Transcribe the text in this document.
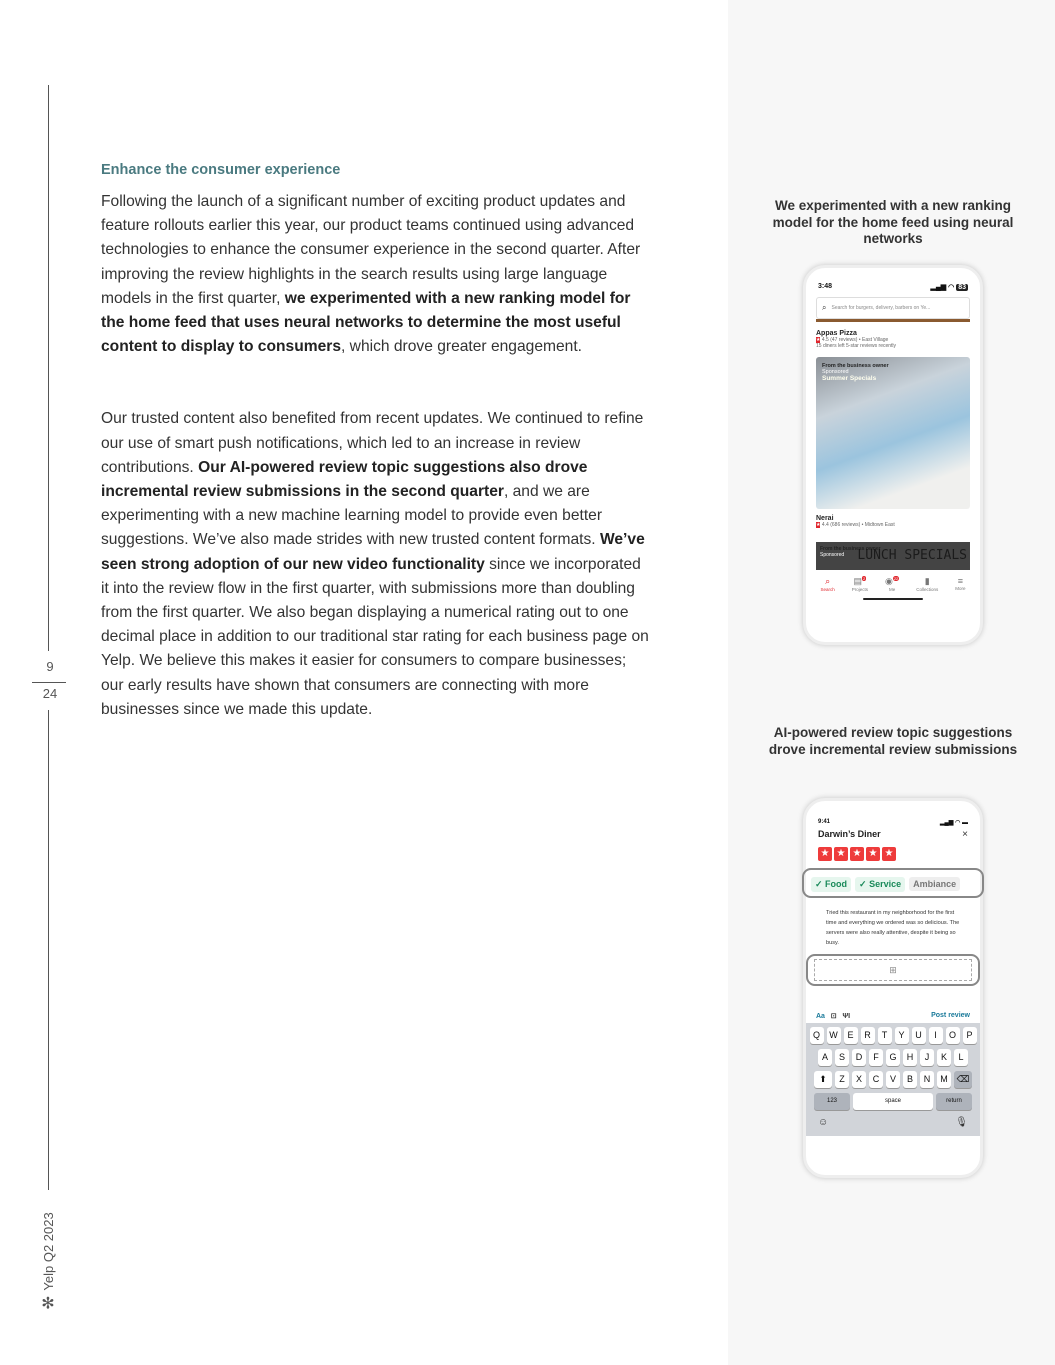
9
24
✻
Yelp Q2 2023
Enhance the consumer experience

Following the launch of a significant number of exciting product updates and feature rollouts earlier this year, our product teams continued using advanced technologies to enhance the consumer experience in the second quarter. After improving the review highlights in the search results using large language models in the first quarter, we experimented with a new ranking model for the home feed that uses neural networks to determine the most useful content to display to consumers, which drove greater engagement.

Our trusted content also benefited from recent updates. We continued to refine our use of smart push notifications, which led to an increase in review contributions. Our AI-powered review topic suggestions also drove incremental review submissions in the second quarter, and we are experimenting with a new machine learning model to provide even better suggestions. We’ve also made strides with new trusted content formats. We’ve seen strong adoption of our new video functionality since we incorporated it into the review flow in the first quarter, with submissions more than doubling from the first quarter. We also began displaying a numerical rating out to one decimal place in addition to our traditional star rating for each business page on Yelp. We believe this makes it easier for consumers to compare businesses; our early results have shown that consumers are connecting with more businesses since we made this update.

We experimented with a new ranking model for the home feed using neural networks
3:48	▂▄▆ ◠ 83
⌕ Search for burgers, delivery, barbers on Ye...
Appas Pizza
★ 4.5 (47 reviews) • East Village
15 diners left 5-star reviews recently
From the business owner
Sponsored
Summer Specials
Nerai
★ 4.4 (686 reviews) • Midtown East
From the business owner
Sponsored LUNCH SPECIALS
⌕
Search
▤$^2$
Projects
◉$^{22}$
Me
▮
Collections
≡
More
AI-powered review topic suggestions drove incremental review submissions
9:41	▂▄▆ ◠ ▬
Darwin’s Diner	×
★ ★ ★ ★ ★
✓ Food ✓ Service Ambiance
Tried this restaurant in my neighborhood for the first time and everything we ordered was so delicious. The servers were also really attentive, despite it being so busy.
⊞
Aa ⊡ ΨΙ	Post review
Q	W	E	R	T	Y	U	I	O	P
A	S	D	F	G	H	J	K	L
⬆	Z	X	C	V	B	N	M ⌫
123	space	return
☺	🎙
